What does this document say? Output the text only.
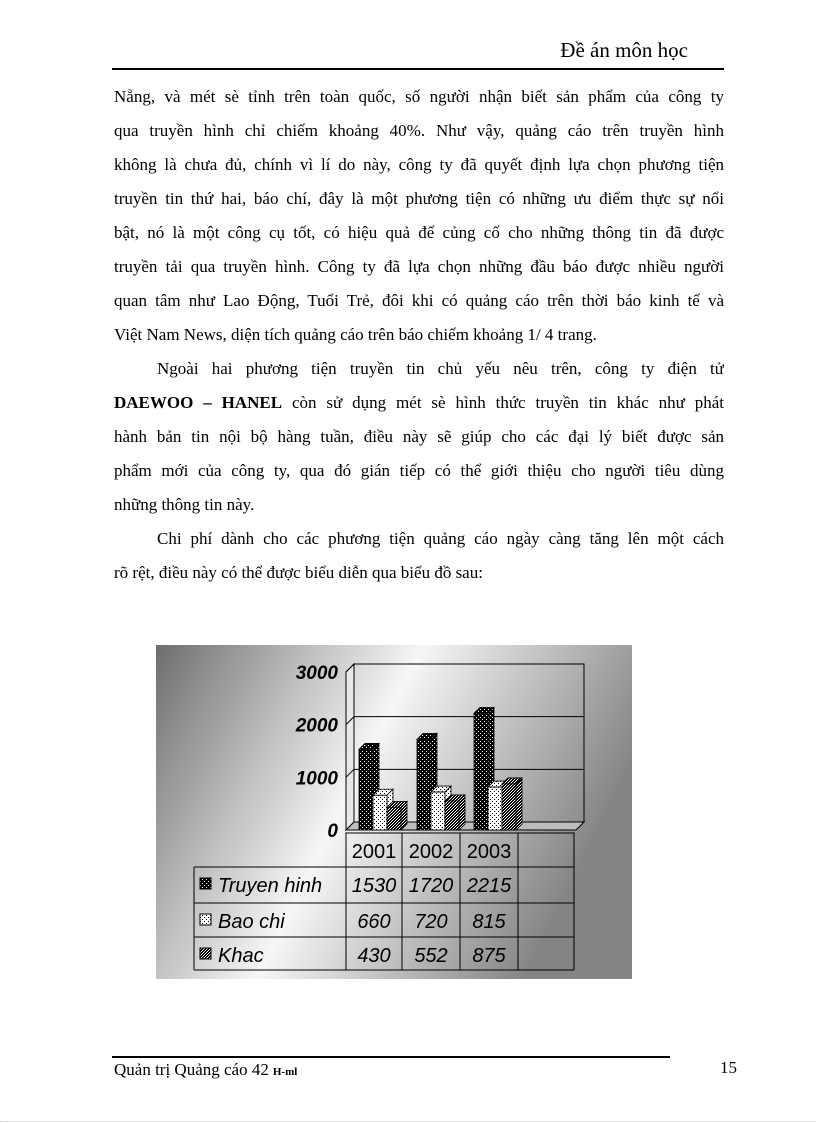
Đề án môn học
Nẵng, và mét sè tỉnh trên toàn quốc, số người nhận biết sản phẩm của công ty
qua truyền hình chỉ chiếm khoảng 40%. Như vậy, quảng cáo trên truyền hình
không là chưa đủ, chính vì lí do này, công ty đã quyết định lựa chọn phương tiện
truyền tin thứ hai, báo chí, đây là một phương tiện có những ưu điểm thực sự nổi
bật, nó là một công cụ tốt, có hiệu quả để củng cố cho những thông tin đã được
truyền tải qua truyền hình. Công ty đã lựa chọn những đầu báo được nhiều người
quan tâm như Lao Động, Tuổi Trẻ, đôi khi có quảng cáo trên thời báo kinh tế và
Việt Nam News, diện tích quảng cáo trên báo chiếm khoảng 1/ 4 trang.
Ngoài hai phương tiện truyền tin chủ yếu nêu trên, công ty điện tử
DAEWOO – HANEL còn sử dụng mét sè hình thức truyền tin khác như phát
hành bản tin nội bộ hàng tuần, điều này sẽ giúp cho các đại lý biết được sản
phẩm mới của công ty, qua đó gián tiếp có thể giới thiệu cho người tiêu dùng
những thông tin này.
Chi phí dành cho các phương tiện quảng cáo ngày càng tăng lên một cách
rõ rệt, điều này có thể được biểu diễn qua biểu đồ sau:
0
1000
2000
3000
2001 2002 2003
Truyen hinh 1530 1720 2215
Bao chi	660 720 815
Khac	430 552 875
Quản trị Quảng cáo 42 H-ml	15
